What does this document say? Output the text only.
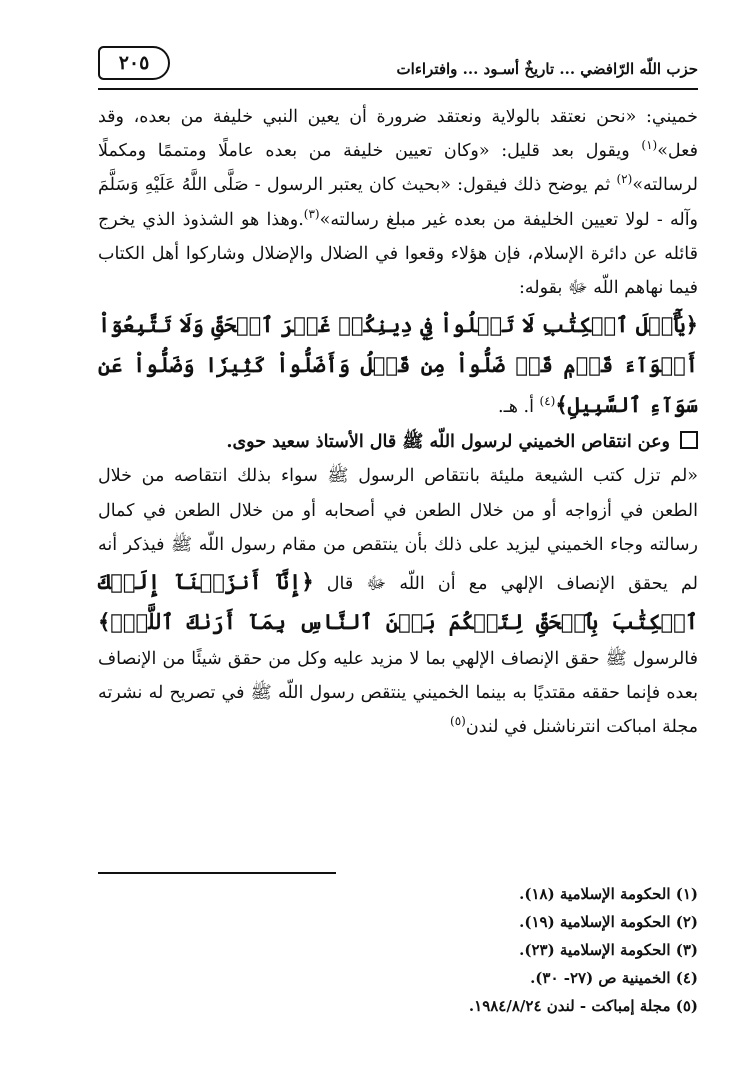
حزب اللّه الرّافضي ... تاريخٌ أسـود ... وافتراءات
٢٠٥

خميني: «نحن نعتقد بالولاية ونعتقد ضرورة أن يعين النبي خليفة من بعده، وقد فعل»$^{(١)}$ ويقول بعد قليل: «وكان تعيين خليفة من بعده عاملًا ومتممًا ومكملًا لرسالته»$^{(٢)}$ ثم يوضح ذلك فيقول: «بحيث كان يعتبر الرسول - صَلَّى اللَّهُ عَلَيْهِ وَسَلَّمَ وآله - لولا تعيين الخليفة من بعده غير مبلغ رسالته»$^{(٣)}$.وهذا هو الشذوذ الذي يخرج قائله عن دائرة الإسلام، فإن هؤلاء وقعوا في الضلال والإضلال وشاركوا أهل الكتاب فيما نهاهم اللّه ﷻ بقوله:

﴿يَٰٓأَهۡلَ ٱلۡكِتَٰبِ لَا تَغۡلُواْ فِي دِينِكُمۡ غَيۡرَ ٱلۡحَقِّ وَلَا تَتَّبِعُوٓاْ أَهۡوَآءَ قَوۡمٖ قَدۡ ضَلُّواْ مِن قَبۡلُ وَأَضَلُّواْ كَثِيرٗا وَضَلُّواْ عَن سَوَآءِ ٱلسَّبِيلِ﴾$^{(٤)}$ أ. هـ.

وعن انتقاص الخميني لرسول اللّه ﷺ قال الأستاذ سعيد حوى.

«لم تزل كتب الشيعة مليئة بانتقاص الرسول ﷺ سواء بذلك انتقاصه من خلال الطعن في أزواجه أو من خلال الطعن في أصحابه أو من خلال الطعن في كمال رسالته وجاء الخميني ليزيد على ذلك بأن ينتقص من مقام رسول اللّه ﷺ فيذكر أنه لم يحقق الإنصاف الإلهي مع أن اللّه ﷻ قال ﴿إِنَّآ أَنزَلۡنَآ إِلَيۡكَ ٱلۡكِتَٰبَ بِٱلۡحَقِّ لِتَحۡكُمَ بَيۡنَ ٱلنَّاسِ بِمَآ أَرَىٰكَ ٱللَّهُۚ﴾ فالرسول ﷺ حقق الإنصاف الإلهي بما لا مزيد عليه وكل من حقق شيئًا من الإنصاف بعده فإنما حققه مقتديًا به بينما الخميني ينتقص رسول اللّه ﷺ في تصريح له نشرته مجلة امباكت انترناشنل في لندن$^{(٥)}$

(١) الحكومة الإسلامية (١٨).
(٢) الحكومة الإسلامية (١٩).
(٣) الحكومة الإسلامية (٢٣).
(٤) الخمينية ص (٢٧- ٣٠).
(٥) مجلة إمباكت - لندن ١٩٨٤/٨/٢٤.
